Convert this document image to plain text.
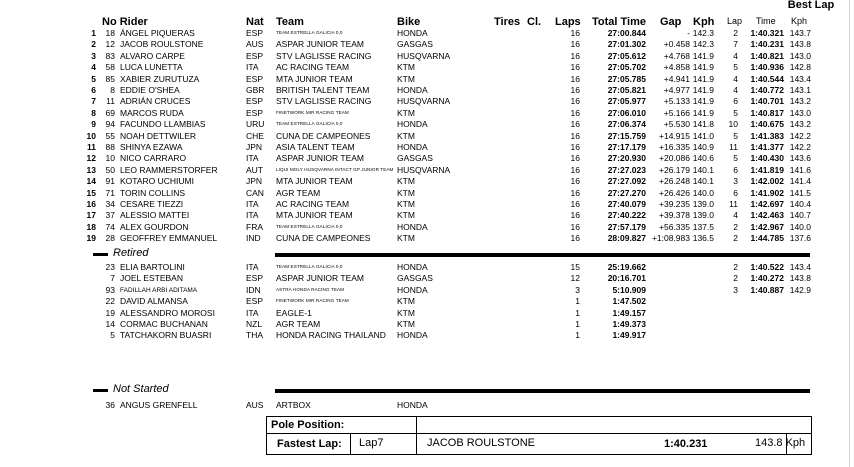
Best Lap
No Rider	Nat Team	Bike	Tires Cl. Laps Total Time Gap Kph Lap Time Kph
1	18 ÁNGEL PIQUERAS	ESP	TEAM ESTRELLA GALICIA 0,0	HONDA	16	27:00.844	- 142.3	2	1:40.321 143.7
2	12 JACOB ROULSTONE	AUS ASPAR JUNIOR TEAM	GASGAS	16	27:01.302	+0.458 142.3	7	1:40.231 143.8
3	83 ALVARO CARPE	ESP STV LAGLISSE RACING	HUSQVARNA	16	27:05.612	+4.768 141.9	4	1:40.821 143.0
4	58 LUCA LUNETTA	ITA AC RACING TEAM	KTM	16	27:05.702	+4.858 141.9	5	1:40.936 142.8
5	85 XABIER ZURUTUZA	ESP MTA JUNIOR TEAM	KTM	16	27:05.785	+4.941 141.9	4	1:40.544 143.4
6	8 EDDIE O'SHEA	GBR BRITISH TALENT TEAM	HONDA	16	27:05.821	+4.977 141.9	4	1:40.772 143.1
7	11 ADRIÁN CRUCES	ESP STV LAGLISSE RACING	HUSQVARNA	16	27:05.977	+5.133 141.9	6	1:40.701 143.2
8	69 MARCOS RUDA	ESP	FINETWORK MIR RACING TEAM	KTM	16	27:06.010	+5.166 141.9	5	1:40.817 143.0
9	94 FACUNDO LLAMBIAS	URU	TEAM ESTRELLA GALICIA 0,0	HONDA	16	27:06.374	+5.530 141.8	10	1:40.675 143.2
10	55 NOAH DETTWILER	CHE CUNA DE CAMPEONES	KTM	16	27:15.759	+14.915 141.0	5	1:41.383 142.2
11	88 SHINYA EZAWA	JPN ASIA TALENT TEAM	HONDA	16	27:17.179	+16.335 140.9	11	1:41.377 142.2
12	10 NICO CARRARO	ITA ASPAR JUNIOR TEAM	GASGAS	16	27:20.930	+20.086 140.6	5	1:40.430 143.6
13	50 LEO RAMMERSTORFER	AUT	LIQUI MOLY HUSQVARNA INTACT GP JUNIOR TEAM HUSQVARNA	16	27:27.023	+26.179 140.1	6	1:41.819 141.6
14	91 KOTARO UCHIUMI	JPN MTA JUNIOR TEAM	KTM	16	27:27.092	+26.248 140.1	3	1:42.002 141.4
15	71 TORIN COLLINS	CAN AGR TEAM	KTM	16	27:27.270	+26.426 140.0	6	1:41.902 141.5
16	34 CESARE TIEZZI	ITA AC RACING TEAM	KTM	16	27:40.079	+39.235 139.0	11	1:42.697 140.4
17	37 ALESSIO MATTEI	ITA MTA JUNIOR TEAM	KTM	16	27:40.222	+39.378 139.0	4	1:42.463 140.7
18	74 ALEX GOURDON	FRA	TEAM ESTRELLA GALICIA 0,0	HONDA	16	27:57.179	+56.335 137.5	2	1:42.967 140.0
19	28 GEOFFREY EMMANUEL	IND CUNA DE CAMPEONES	KTM	16	28:09.827 +1:08.983 136.5	2	1:44.785 137.6
Retired
23 ELIA BARTOLINI	ITA	TEAM ESTRELLA GALICIA 0,0	HONDA	15	25:19.662	2	1:40.522 143.4
7 JOEL ESTEBAN	ESP ASPAR JUNIOR TEAM	GASGAS	12	20:16.701	2	1:40.272 143.8
93 FADILLAH ARBI ADITAMA	IDN	ASTRA HONDA RACING TEAM	HONDA	3	5:10.909	3	1:40.887 142.9
22 DAVID ALMANSA	ESP	FINETWORK MIR RACING TEAM	KTM	1	1:47.502
19 ALESSANDRO MOROSI	ITA EAGLE-1	KTM	1	1:49.157
14 CORMAC BUCHANAN	NZL AGR TEAM	KTM	1	1:49.373
5 TATCHAKORN BUASRI	THA HONDA RACING THAILAND HONDA	1	1:49.917
Not Started
36 ANGUS GRENFELL	AUS ARTBOX	HONDA
Pole Position:
Fastest Lap: Lap7	JACOB ROULSTONE	1:40.231	143.8 Kph
